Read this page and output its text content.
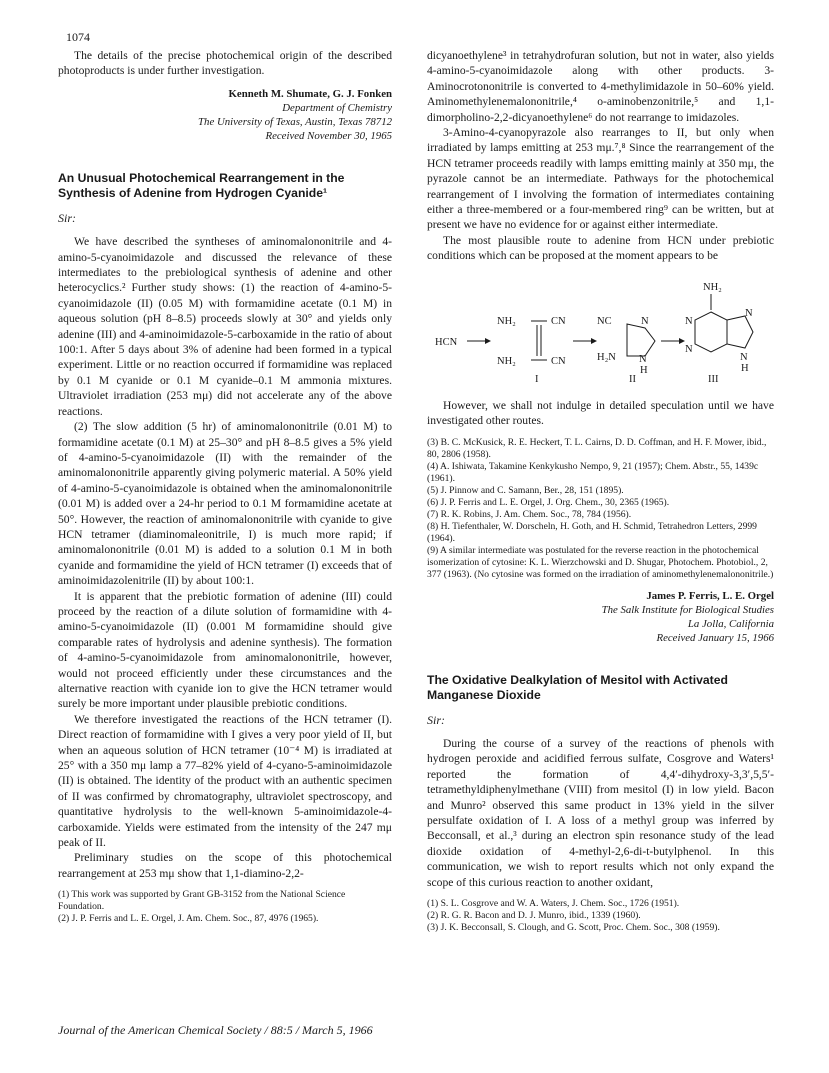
1074

The details of the precise photochemical origin of the described photoproducts is under further investigation.

Kenneth M. Shumate, G. J. Fonken
Department of Chemistry
The University of Texas, Austin, Texas 78712
Received November 30, 1965
An Unusual Photochemical Rearrangement in the Synthesis of Adenine from Hydrogen Cyanide¹
Sir:

We have described the syntheses of aminomalononitrile and 4-amino-5-cyanoimidazole and discussed the relevance of these intermediates to the prebiological synthesis of adenine and other heterocyclics.² Further study shows: (1) the reaction of 4-amino-5-cyanoimidazole (II) (0.05 M) with formamidine acetate (0.1 M) in aqueous solution (pH 8–8.5) proceeds slowly at 30° and yields only adenine (III) and 4-aminoimidazole-5-carboxamide in the ratio of about 100:1. After 5 days about 3% of adenine had been formed in a typical experiment. Little or no reaction occurred if formamidine was replaced by 0.1 M cyanide or 0.1 M cyanide–0.1 M ammonia mixtures. Ultraviolet irradiation (253 mμ) did not accelerate any of the above reactions.

(2) The slow addition (5 hr) of aminomalononitrile (0.01 M) to formamidine acetate (0.1 M) at 25–30° and pH 8–8.5 gives a 5% yield of 4-amino-5-cyanoimidazole (II) with the remainder of the aminomalononitrile apparently giving polymeric material. A 50% yield of 4-amino-5-cyanoimidazole is obtained when the aminomalononitrile (0.01 M) is added over a 24-hr period to 0.1 M formamidine acetate at 50°. However, the reaction of aminomalononitrile with cyanide to give HCN tetramer (diaminomaleonitrile, I) is much more rapid; if aminomalononitrile (0.01 M) is added to a solution 0.1 M in both cyanide and formamidine the yield of HCN tetramer (I) exceeds that of aminoimidazolenitrile (II) by about 100:1.

It is apparent that the prebiotic formation of adenine (III) could proceed by the reaction of a dilute solution of formamidine with 4-amino-5-cyanoimidazole (II) (0.001 M formamidine should give comparable rates of hydrolysis and adenine synthesis). The formation of 4-amino-5-cyanoimidazole from aminomalononitrile, however, would not proceed efficiently under these circumstances and the alternative reaction with cyanide ion to give the HCN tetramer would surely be more important under plausible prebiotic conditions.

We therefore investigated the reactions of the HCN tetramer (I). Direct reaction of formamidine with I gives a very poor yield of II, but when an aqueous solution of HCN tetramer (10⁻⁴ M) is irradiated at 25° with a 350 mμ lamp a 77–82% yield of 4-cyano-5-aminoimidazole (II) is obtained. The identity of the product with an authentic specimen of II was confirmed by chromatography, ultraviolet spectroscopy, and quantitative hydrolysis to the well-known 5-aminoimidazole-4-carboxamide. Yields were estimated from the intensity of the 247 mμ peak of II.

Preliminary studies on the scope of this photochemical rearrangement at 253 mμ show that 1,1-diamino-2,2-

(1) This work was supported by Grant GB-3152 from the National Science Foundation.
(2) J. P. Ferris and L. E. Orgel, J. Am. Chem. Soc., 87, 4976 (1965).

dicyanoethylene³ in tetrahydrofuran solution, but not in water, also yields 4-amino-5-cyanoimidazole along with other products. 3-Aminocrotononitrile is converted to 4-methylimidazole in 50–60% yield. Aminomethylenemalononitrile,⁴ o-aminobenzonitrile,⁵ and 1,1-dimorpholino-2,2-dicyanoethylene⁶ do not rearrange to imidazoles.

3-Amino-4-cyanopyrazole also rearranges to II, but only when irradiated by lamps emitting at 253 mμ.⁷,⁸ Since the rearrangement of the HCN tetramer proceeds readily with lamps emitting mainly at 350 mμ, the pyrazole cannot be an intermediate. Pathways for the photochemical rearrangement of I involving the formation of intermediates containing either a three-membered or a four-membered ring⁹ can be written, but at present we have no evidence for or against either intermediate.

The most plausible route to adenine from HCN under prebiotic conditions which can be proposed at the moment appears to be

HCN
NH₂	CN
NH₂	CN
I
NC	N
H₂N N
H
II
NH₂
N
N
N
N
H
III

However, we shall not indulge in detailed speculation until we have investigated other routes.

(3) B. C. McKusick, R. E. Heckert, T. L. Cairns, D. D. Coffman, and H. F. Mower, ibid., 80, 2806 (1958).
(4) A. Ishiwata, Takamine Kenkykusho Nempo, 9, 21 (1957); Chem. Abstr., 55, 1439c (1961).
(5) J. Pinnow and C. Samann, Ber., 28, 151 (1895).
(6) J. P. Ferris and L. E. Orgel, J. Org. Chem., 30, 2365 (1965).
(7) R. K. Robins, J. Am. Chem. Soc., 78, 784 (1956).
(8) H. Tiefenthaler, W. Dorscheln, H. Goth, and H. Schmid, Tetrahedron Letters, 2999 (1964).
(9) A similar intermediate was postulated for the reverse reaction in the photochemical isomerization of cytosine: K. L. Wierzchowski and D. Shugar, Photochem. Photobiol., 2, 377 (1963). (No cytosine was formed on the irradiation of aminomethylenemalononitrile.)
James P. Ferris, L. E. Orgel
The Salk Institute for Biological Studies
La Jolla, California
Received January 15, 1966
The Oxidative Dealkylation of Mesitol with Activated Manganese Dioxide
Sir:

During the course of a survey of the reactions of phenols with hydrogen peroxide and acidified ferrous sulfate, Cosgrove and Waters¹ reported the formation of 4,4′-dihydroxy-3,3′,5,5′-tetramethyldiphenylmethane (VIII) from mesitol (I) in low yield. Bacon and Munro² observed this same product in 13% yield in the silver persulfate oxidation of I. A loss of a methyl group was inferred by Becconsall, et al.,³ during an electron spin resonance study of the lead dioxide oxidation of 4-methyl-2,6-di-t-butylphenol. In this communication, we wish to report results which not only expand the scope of this curious reaction to another oxidant,

(1) S. L. Cosgrove and W. A. Waters, J. Chem. Soc., 1726 (1951).
(2) R. G. R. Bacon and D. J. Munro, ibid., 1339 (1960).
(3) J. K. Becconsall, S. Clough, and G. Scott, Proc. Chem. Soc., 308 (1959).
Journal of the American Chemical Society / 88:5 / March 5, 1966
